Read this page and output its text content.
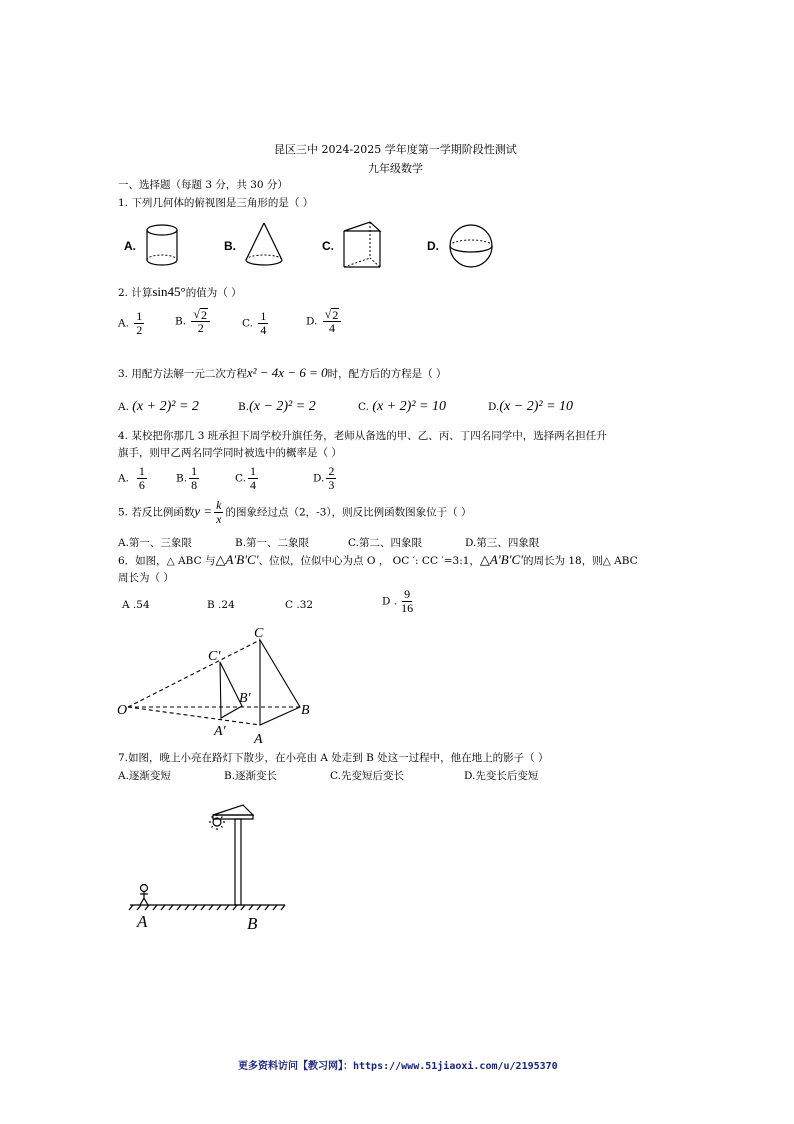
昆区三中 2024-2025 学年度第一学期阶段性测试
九年级数学
一、选择题（每题 3 分，共 30 分）
1. 下列几何体的俯视图是三角形的是（ ）
A.	B.	C.	D.
2. 计算sin45°的值为（ ）
A. $\frac{1}{2}$	B. $\frac{√ 2}{2}$	C. $\frac{1}{4}$	D. $\frac{√ 2}{4}$
3. 用配方法解一元二次方程x² − 4x − 6 = 0时，配方后的方程是（ ）
A. (x + 2)² = 2	B.(x − 2)² = 2	C. (x + 2)² = 10	D.(x − 2)² = 10
4. 某校把你那几 3 班承担下周学校升旗任务，老师从备选的甲、乙、丙、丁四名同学中，选择两名担任升
旗手，则甲乙两名同学同时被选中的概率是（ ）
A. $\frac{1}{6}$	B. $\frac{1}{8}$	C. $\frac{1}{4}$	D. $\frac{2}{3}$
5. 若反比例函数$y = \frac{k}{x}$ 的图象经过点（2，-3），则反比例函数图象位于（ ）
A.第一、三象限	B.第一、二象限	C.第二、四象限	D.第三、四象限
6．如图，△ ABC 与△A′B′C′、位似，位似中心为点 O ， OC ′: CC ′=3:1，△A′B′C′的周长为 18，则△ ABC
周长为（ ）
A .54	B .24	C .32	D . $\frac{9}{16}$
O
C
C′
B′
B
A′
A
7.如图，晚上小亮在路灯下散步，在小亮由 A 处走到 B 处这一过程中，他在地上的影子（ ）
A.逐渐变短	B.逐渐变长	C.先变短后变长	D.先变长后变短
A	B
更多资料访问【教习网】：https://www.51jiaoxi.com/u/2195370
